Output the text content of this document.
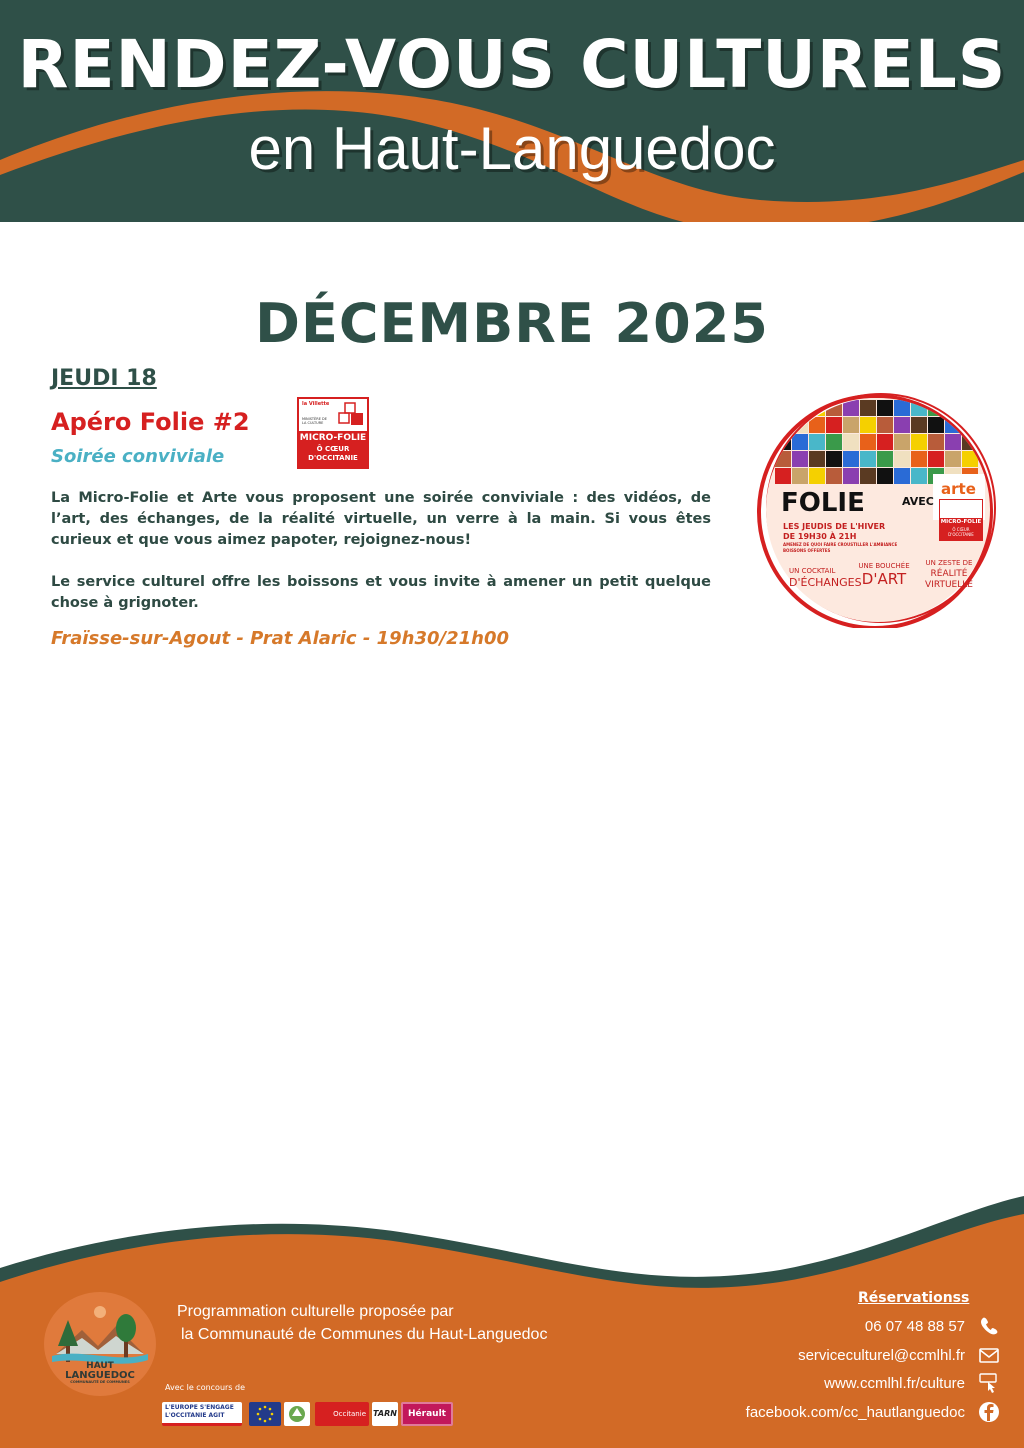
RENDEZ-VOUS CULTURELS
en Haut-Languedoc
DÉCEMBRE 2025
JEUDI 18
Apéro Folie #2
Soirée conviviale
la Villette
MINISTÈRE DE LA CULTURE
MICRO-FOLIE
Ô CŒUR
D'OCCITANIE

La Micro-Folie et Arte vous proposent une soirée conviviale : des vidéos, de l’art, des échanges, de la réalité virtuelle, un verre à la main. Si vous êtes curieux et que vous aimez papoter, rejoignez-nous!

Le service culturel offre les boissons et vous invite à amener un petit quelque chose à grignoter.

Fraïsse-sur-Agout - Prat Alaric - 19h30/21h00
FOLIE	AVEC
arte
MICRO-FOLIE
Ô CŒUR D'OCCITANIE
LES JEUDIS DE L'HIVER
DE 19H30 À 21H
AMENEZ DE QUOI FAIRE CROUSTILLER L'AMBIANCE
BOISSONS OFFERTES
UN COCKTAIL
D'ÉCHANGES
UNE BOUCHÉE
D'ART
UN ZESTE DE
RÉALITÉ VIRTUELLE
HAUT
LANGUEDOC
COMMUNAUTÉ DE COMMUNES
Programmation culturelle proposée par
la Communauté de Communes du Haut-Languedoc
Avec le concours de
L'EUROPE S'ENGAGE L'OCCITANIE AGIT	Occitanie TARN	Hérault
Réservationss
06 07 48 88 57
serviceculturel@ccmlhl.fr
www.ccmlhl.fr/culture
facebook.com/cc_hautlanguedoc
